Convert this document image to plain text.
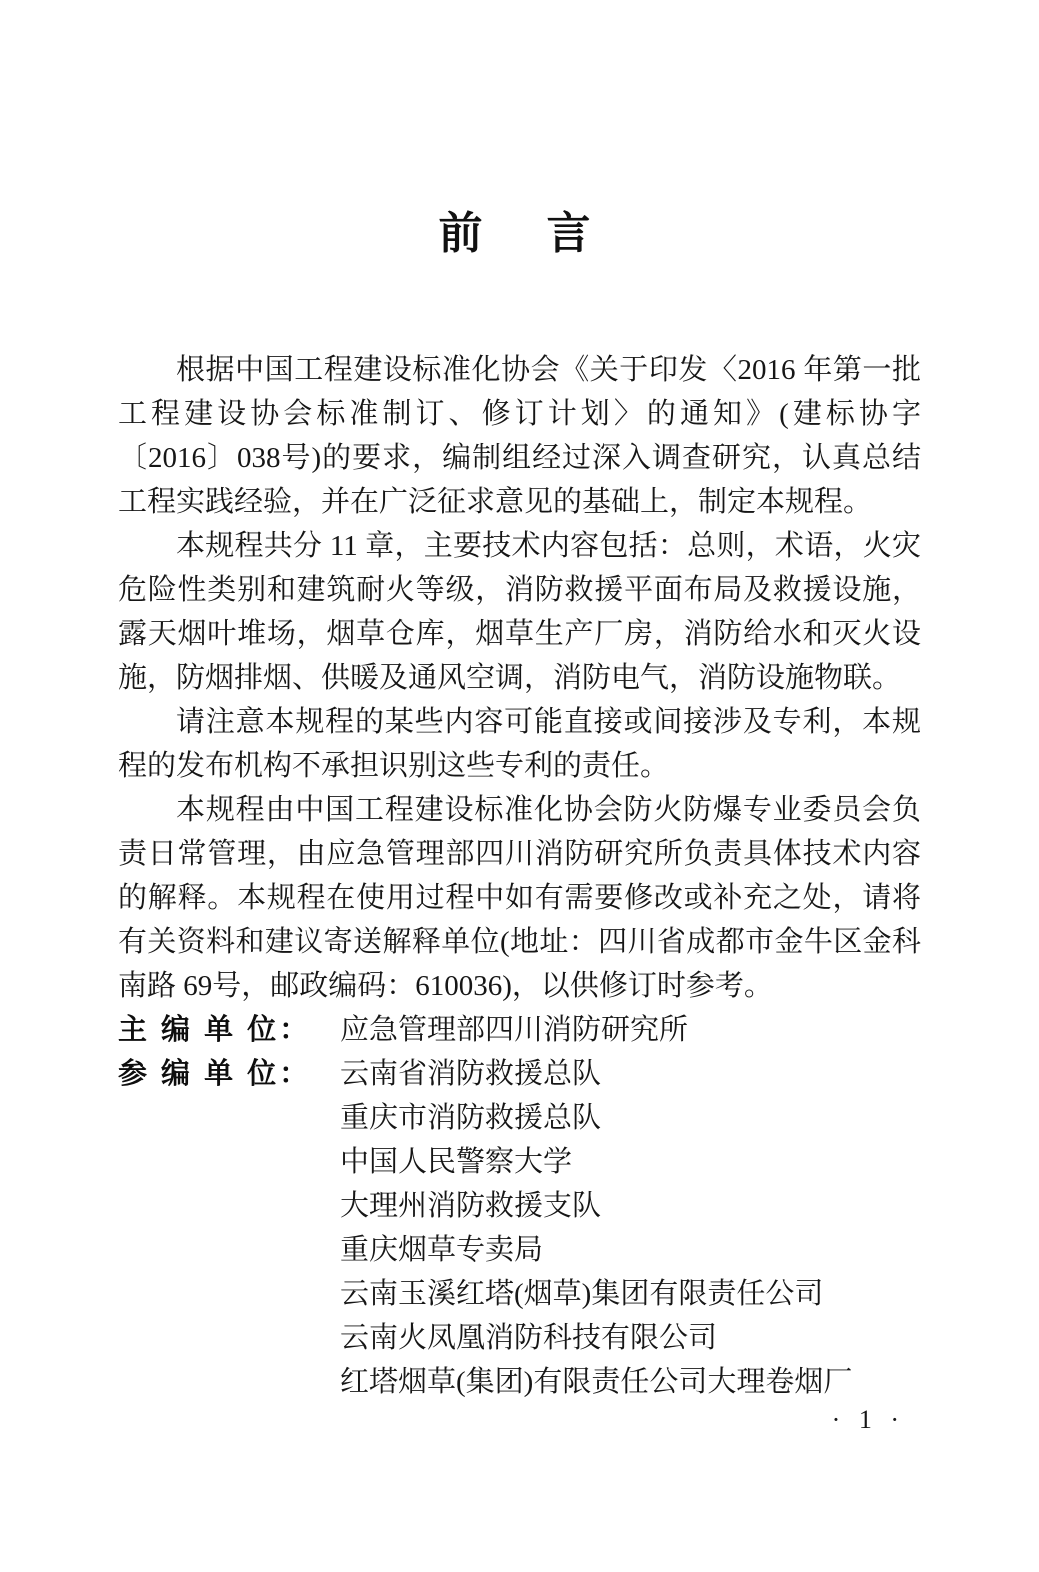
前　言

根据中国工程建设标准化协会《关于印发〈2016 年第一批工程建设协会标准制订、修订计划〉的通知》(建标协字〔2016〕038号)的要求，编制组经过深入调查研究，认真总结工程实践经验，并在广泛征求意见的基础上，制定本规程。

本规程共分 11 章，主要技术内容包括：总则，术语，火灾危险性类别和建筑耐火等级，消防救援平面布局及救援设施，露天烟叶堆场，烟草仓库，烟草生产厂房，消防给水和灭火设施，防烟排烟、供暖及通风空调，消防电气，消防设施物联。

请注意本规程的某些内容可能直接或间接涉及专利，本规程的发布机构不承担识别这些专利的责任。

本规程由中国工程建设标准化协会防火防爆专业委员会负责日常管理，由应急管理部四川消防研究所负责具体技术内容的解释。本规程在使用过程中如有需要修改或补充之处，请将有关资料和建议寄送解释单位(地址：四川省成都市金牛区金科南路 69号，邮政编码：610036)，以供修订时参考。

主 编 单 位： 应急管理部四川消防研究所
参 编 单 位： 云南省消防救援总队
重庆市消防救援总队
中国人民警察大学
大理州消防救援支队
重庆烟草专卖局
云南玉溪红塔(烟草)集团有限责任公司
云南火凤凰消防科技有限公司
红塔烟草(集团)有限责任公司大理卷烟厂
· 1 ·
